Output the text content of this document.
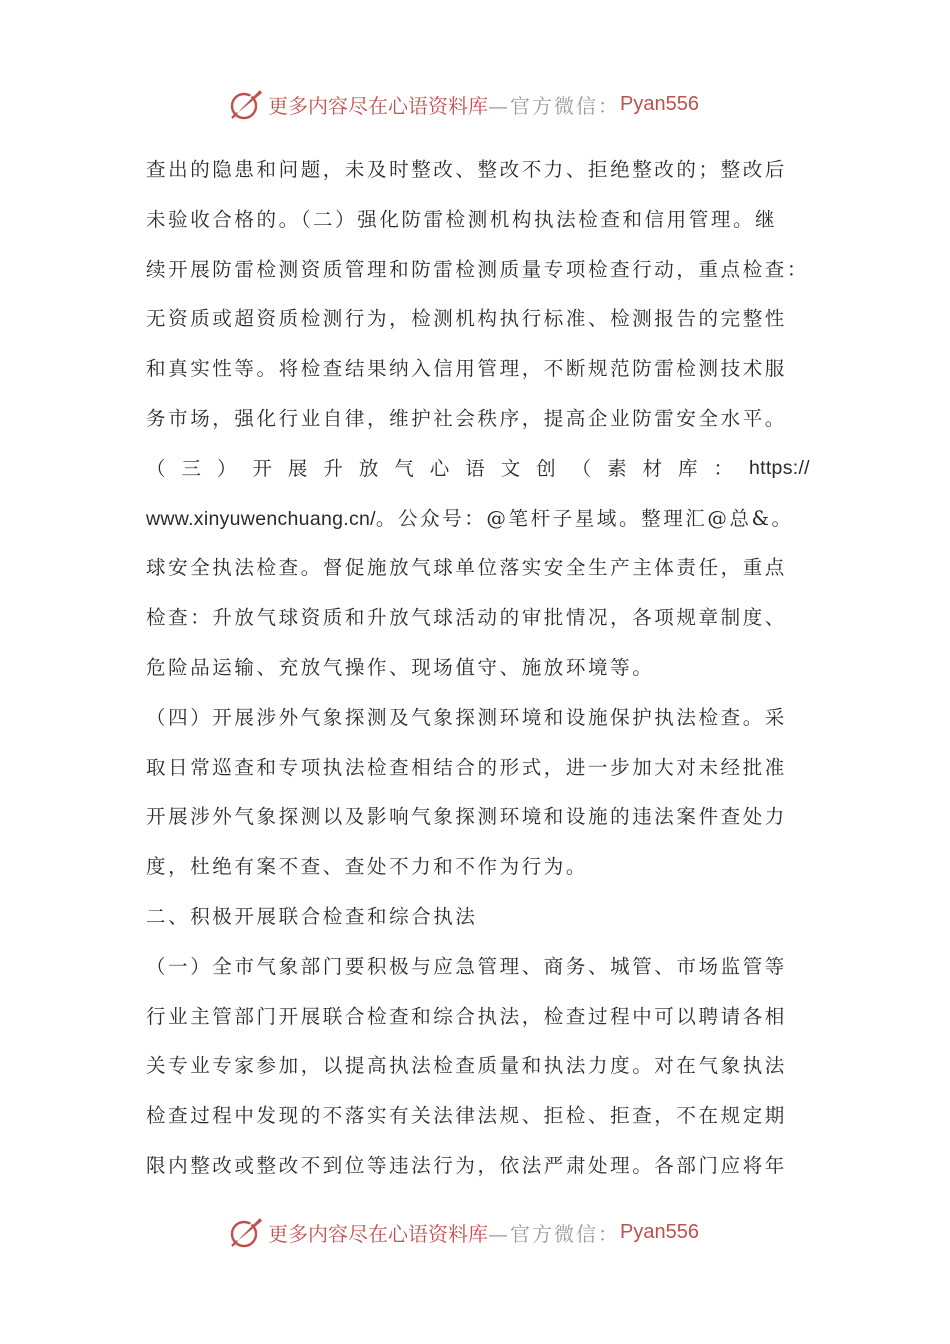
更多内容尽在心语资料库 —官方微信： Pyan556
查出的隐患和问题，未及时整改、整改不力、拒绝整改的；整改后
未验收合格的。（二）强化防雷检测机构执法检查和信用管理。继
续开展防雷检测资质管理和防雷检测质量专项检查行动，重点检查：
无资质或超资质检测行为，检测机构执行标准、检测报告的完整性
和真实性等。将检查结果纳入信用管理，不断规范防雷检测技术服
务市场，强化行业自律，维护社会秩序，提高企业防雷安全水平。
（ 三 ） 开 展 升 放 气 心 语 文 创 （ 素 材 库 ： https://
www.xinyuwenchuang.cn/。公众号：@笔杆子星域。整理汇@总&。
球安全执法检查。督促施放气球单位落实安全生产主体责任，重点
检查：升放气球资质和升放气球活动的审批情况，各项规章制度、
危险品运输、充放气操作、现场值守、施放环境等。
（四）开展涉外气象探测及气象探测环境和设施保护执法检查。采
取日常巡查和专项执法检查相结合的形式，进一步加大对未经批准
开展涉外气象探测以及影响气象探测环境和设施的违法案件查处力
度，杜绝有案不查、查处不力和不作为行为。
二、积极开展联合检查和综合执法
（一）全市气象部门要积极与应急管理、商务、城管、市场监管等
行业主管部门开展联合检查和综合执法，检查过程中可以聘请各相
关专业专家参加，以提高执法检查质量和执法力度。对在气象执法
检查过程中发现的不落实有关法律法规、拒检、拒查，不在规定期
限内整改或整改不到位等违法行为，依法严肃处理。各部门应将年
更多内容尽在心语资料库 —官方微信： Pyan556
